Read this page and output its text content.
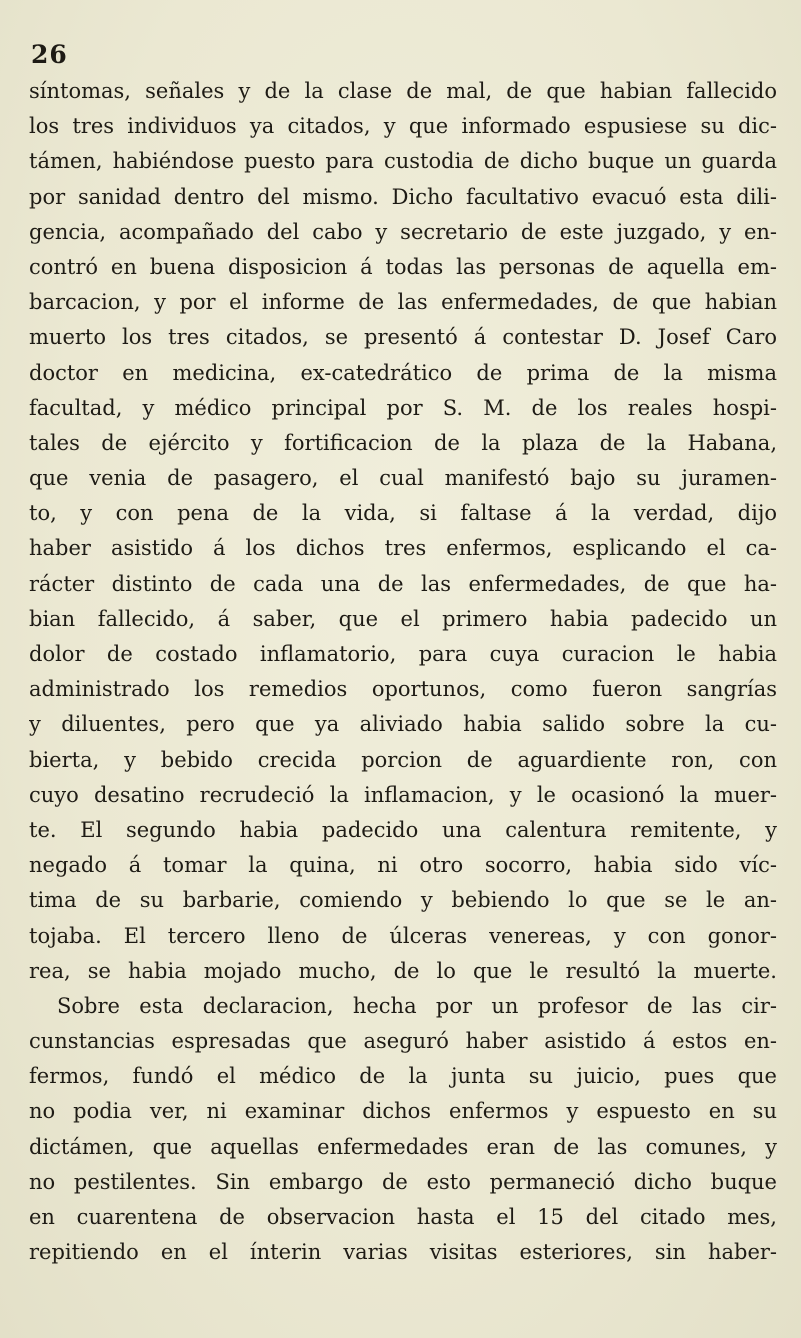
26
síntomas, señales y de la clase de mal, de que habian fallecido
los tres individuos ya citados, y que informado espusiese su dic-
támen, habiéndose puesto para custodia de dicho buque un guarda
por sanidad dentro del mismo. Dicho facultativo evacuó esta dili-
gencia, acompañado del cabo y secretario de este juzgado, y en-
contró en buena disposicion á todas las personas de aquella em-
barcacion, y por el informe de las enfermedades, de que habian
muerto los tres citados, se presentó á contestar D. Josef Caro
doctor en medicina, ex-catedrático de prima de la misma
facultad, y médico principal por S. M. de los reales hospi-
tales de ejército y fortificacion de la plaza de la Habana,
que venia de pasagero, el cual manifestó bajo su juramen-
to, y con pena de la vida, si faltase á la verdad, dijo
haber asistido á los dichos tres enfermos, esplicando el ca-
rácter distinto de cada una de las enfermedades, de que ha-
bian fallecido, á saber, que el primero habia padecido un
dolor de costado inflamatorio, para cuya curacion le habia
administrado los remedios oportunos, como fueron sangrías
y diluentes, pero que ya aliviado habia salido sobre la cu-
bierta, y bebido crecida porcion de aguardiente ron, con
cuyo desatino recrudeció la inflamacion, y le ocasionó la muer-
te. El segundo habia padecido una calentura remitente, y
negado á tomar la quina, ni otro socorro, habia sido víc-
tima de su barbarie, comiendo y bebiendo lo que se le an-
tojaba. El tercero lleno de úlceras venereas, y con gonor-
rea, se habia mojado mucho, de lo que le resultó la muerte.
Sobre esta declaracion, hecha por un profesor de las cir-
cunstancias espresadas que aseguró haber asistido á estos en-
fermos, fundó el médico de la junta su juicio, pues que
no podia ver, ni examinar dichos enfermos y espuesto en su
dictámen, que aquellas enfermedades eran de las comunes, y
no pestilentes. Sin embargo de esto permaneció dicho buque
en cuarentena de observacion hasta el 15 del citado mes,
repitiendo en el ínterin varias visitas esteriores, sin haber-
